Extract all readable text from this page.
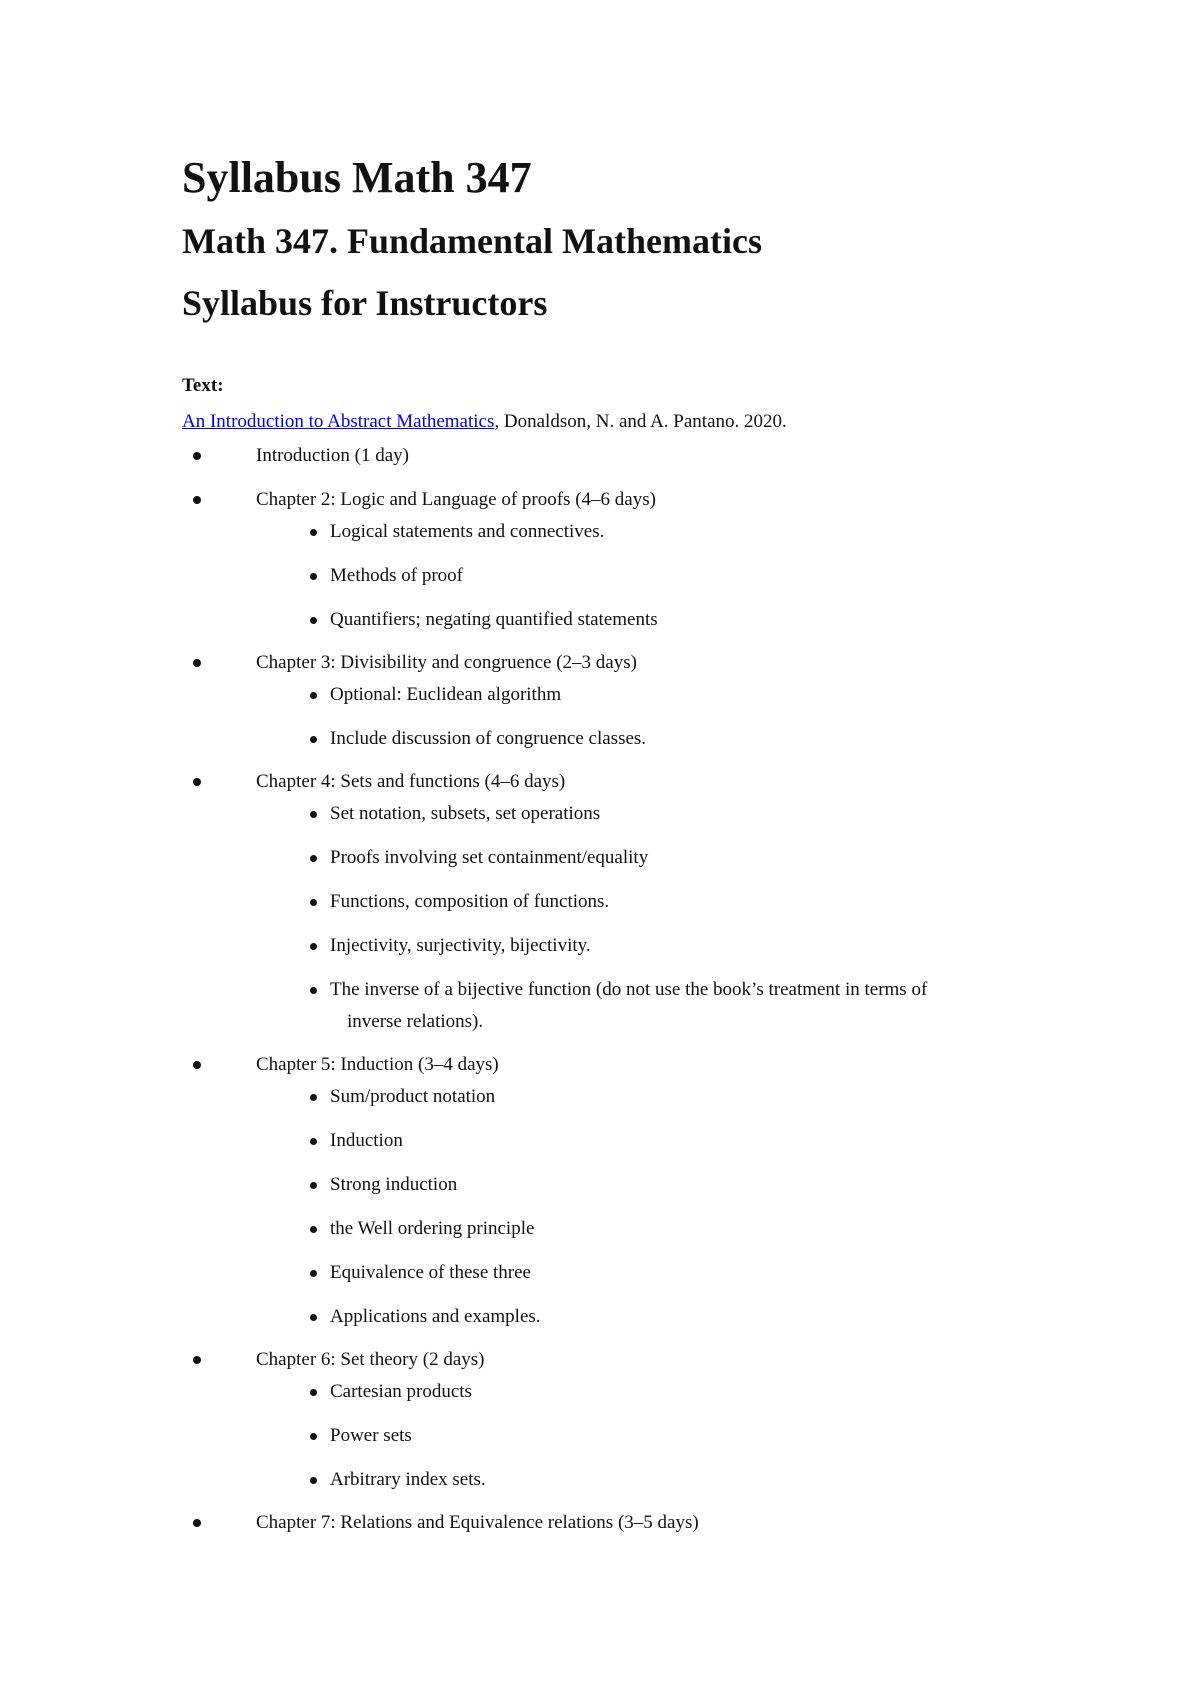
Syllabus Math 347
Math 347. Fundamental Mathematics
Syllabus for Instructors
Text:
An Introduction to Abstract Mathematics, Donaldson, N. and A. Pantano. 2020.
Introduction (1 day)
Chapter 2: Logic and Language of proofs (4–6 days)
Logical statements and connectives.
Methods of proof
Quantifiers; negating quantified statements
Chapter 3: Divisibility and congruence (2–3 days)
Optional: Euclidean algorithm
Include discussion of congruence classes.
Chapter 4: Sets and functions (4–6 days)
Set notation, subsets, set operations
Proofs involving set containment/equality
Functions, composition of functions.
Injectivity, surjectivity, bijectivity.
The inverse of a bijective function (do not use the book’s treatment in terms of
inverse relations).
Chapter 5: Induction (3–4 days)
Sum/product notation
Induction
Strong induction
the Well ordering principle
Equivalence of these three
Applications and examples.
Chapter 6: Set theory (2 days)
Cartesian products
Power sets
Arbitrary index sets.
Chapter 7: Relations and Equivalence relations (3–5 days)
